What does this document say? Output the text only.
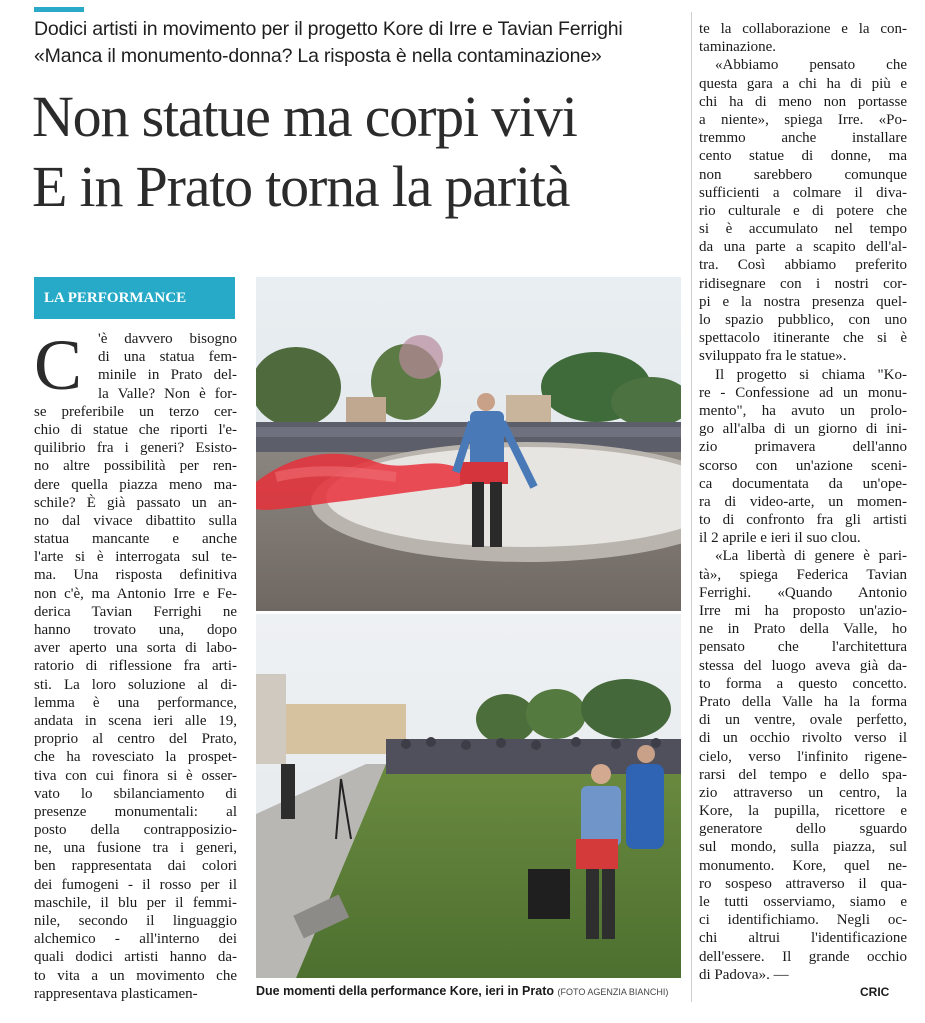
Dodici artisti in movimento per il progetto Kore di Irre e Tavian Ferrighi
«Manca il monumento-donna? La risposta è nella contaminazione»
Non statue ma corpi vivi
E in Prato torna la parità
LA PERFORMANCE
C	'è davvero bisogno
di una statua fem-
minile in Prato del-
la Valle? Non è for-
se preferibile un terzo cer-
chio di statue che riporti l'e-
quilibrio fra i generi? Esisto-
no altre possibilità per ren-
dere quella piazza meno ma-
schile? È già passato un an-
no dal vivace dibattito sulla
statua mancante e anche
l'arte si è interrogata sul te-
ma. Una risposta definitiva
non c'è, ma Antonio Irre e Fe-
derica Tavian Ferrighi ne
hanno trovato una, dopo
aver aperto una sorta di labo-
ratorio di riflessione fra arti-
sti. La loro soluzione al di-
lemma è una performance,
andata in scena ieri alle 19,
proprio al centro del Prato,
che ha rovesciato la prospet-
tiva con cui finora si è osser-
vato lo sbilanciamento di
presenze monumentali: al
posto della contrapposizio-
ne, una fusione tra i generi,
ben rappresentata dai colori
dei fumogeni - il rosso per il
maschile, il blu per il femmi-
nile, secondo il linguaggio
alchemico - all'interno dei
quali dodici artisti hanno da-
to vita a un movimento che
rappresentava plasticamen-
te la collaborazione e la con-
taminazione.
«Abbiamo pensato che
questa gara a chi ha di più e
chi ha di meno non portasse
a niente», spiega Irre. «Po-
tremmo anche installare
cento statue di donne, ma
non sarebbero comunque
sufficienti a colmare il diva-
rio culturale e di potere che
si è accumulato nel tempo
da una parte a scapito dell'al-
tra. Così abbiamo preferito
ridisegnare con i nostri cor-
pi e la nostra presenza quel-
lo spazio pubblico, con uno
spettacolo itinerante che si è
sviluppato fra le statue».
Il progetto si chiama "Ko-
re - Confessione ad un monu-
mento", ha avuto un prolo-
go all'alba di un giorno di ini-
zio primavera dell'anno
scorso con un'azione sceni-
ca documentata da un'ope-
ra di video-arte, un momen-
to di confronto fra gli artisti
il 2 aprile e ieri il suo clou.
«La libertà di genere è pari-
tà», spiega Federica Tavian
Ferrighi. «Quando Antonio
Irre mi ha proposto un'azio-
ne in Prato della Valle, ho
pensato che l'architettura
stessa del luogo aveva già da-
to forma a questo concetto.
Prato della Valle ha la forma
di un ventre, ovale perfetto,
di un occhio rivolto verso il
cielo, verso l'infinito rigene-
rarsi del tempo e dello spa-
zio attraverso un centro, la
Kore, la pupilla, ricettore e
generatore dello sguardo
sul mondo, sulla piazza, sul
monumento. Kore, quel ne-
ro sospeso attraverso il qua-
le tutti osserviamo, siamo e
ci identifichiamo. Negli oc-
chi altrui l'identificazione
dell'essere. Il grande occhio
di Padova». —
Due momenti della performance Kore, ieri in Prato (FOTO AGENZIA BIANCHI)	CRIC
